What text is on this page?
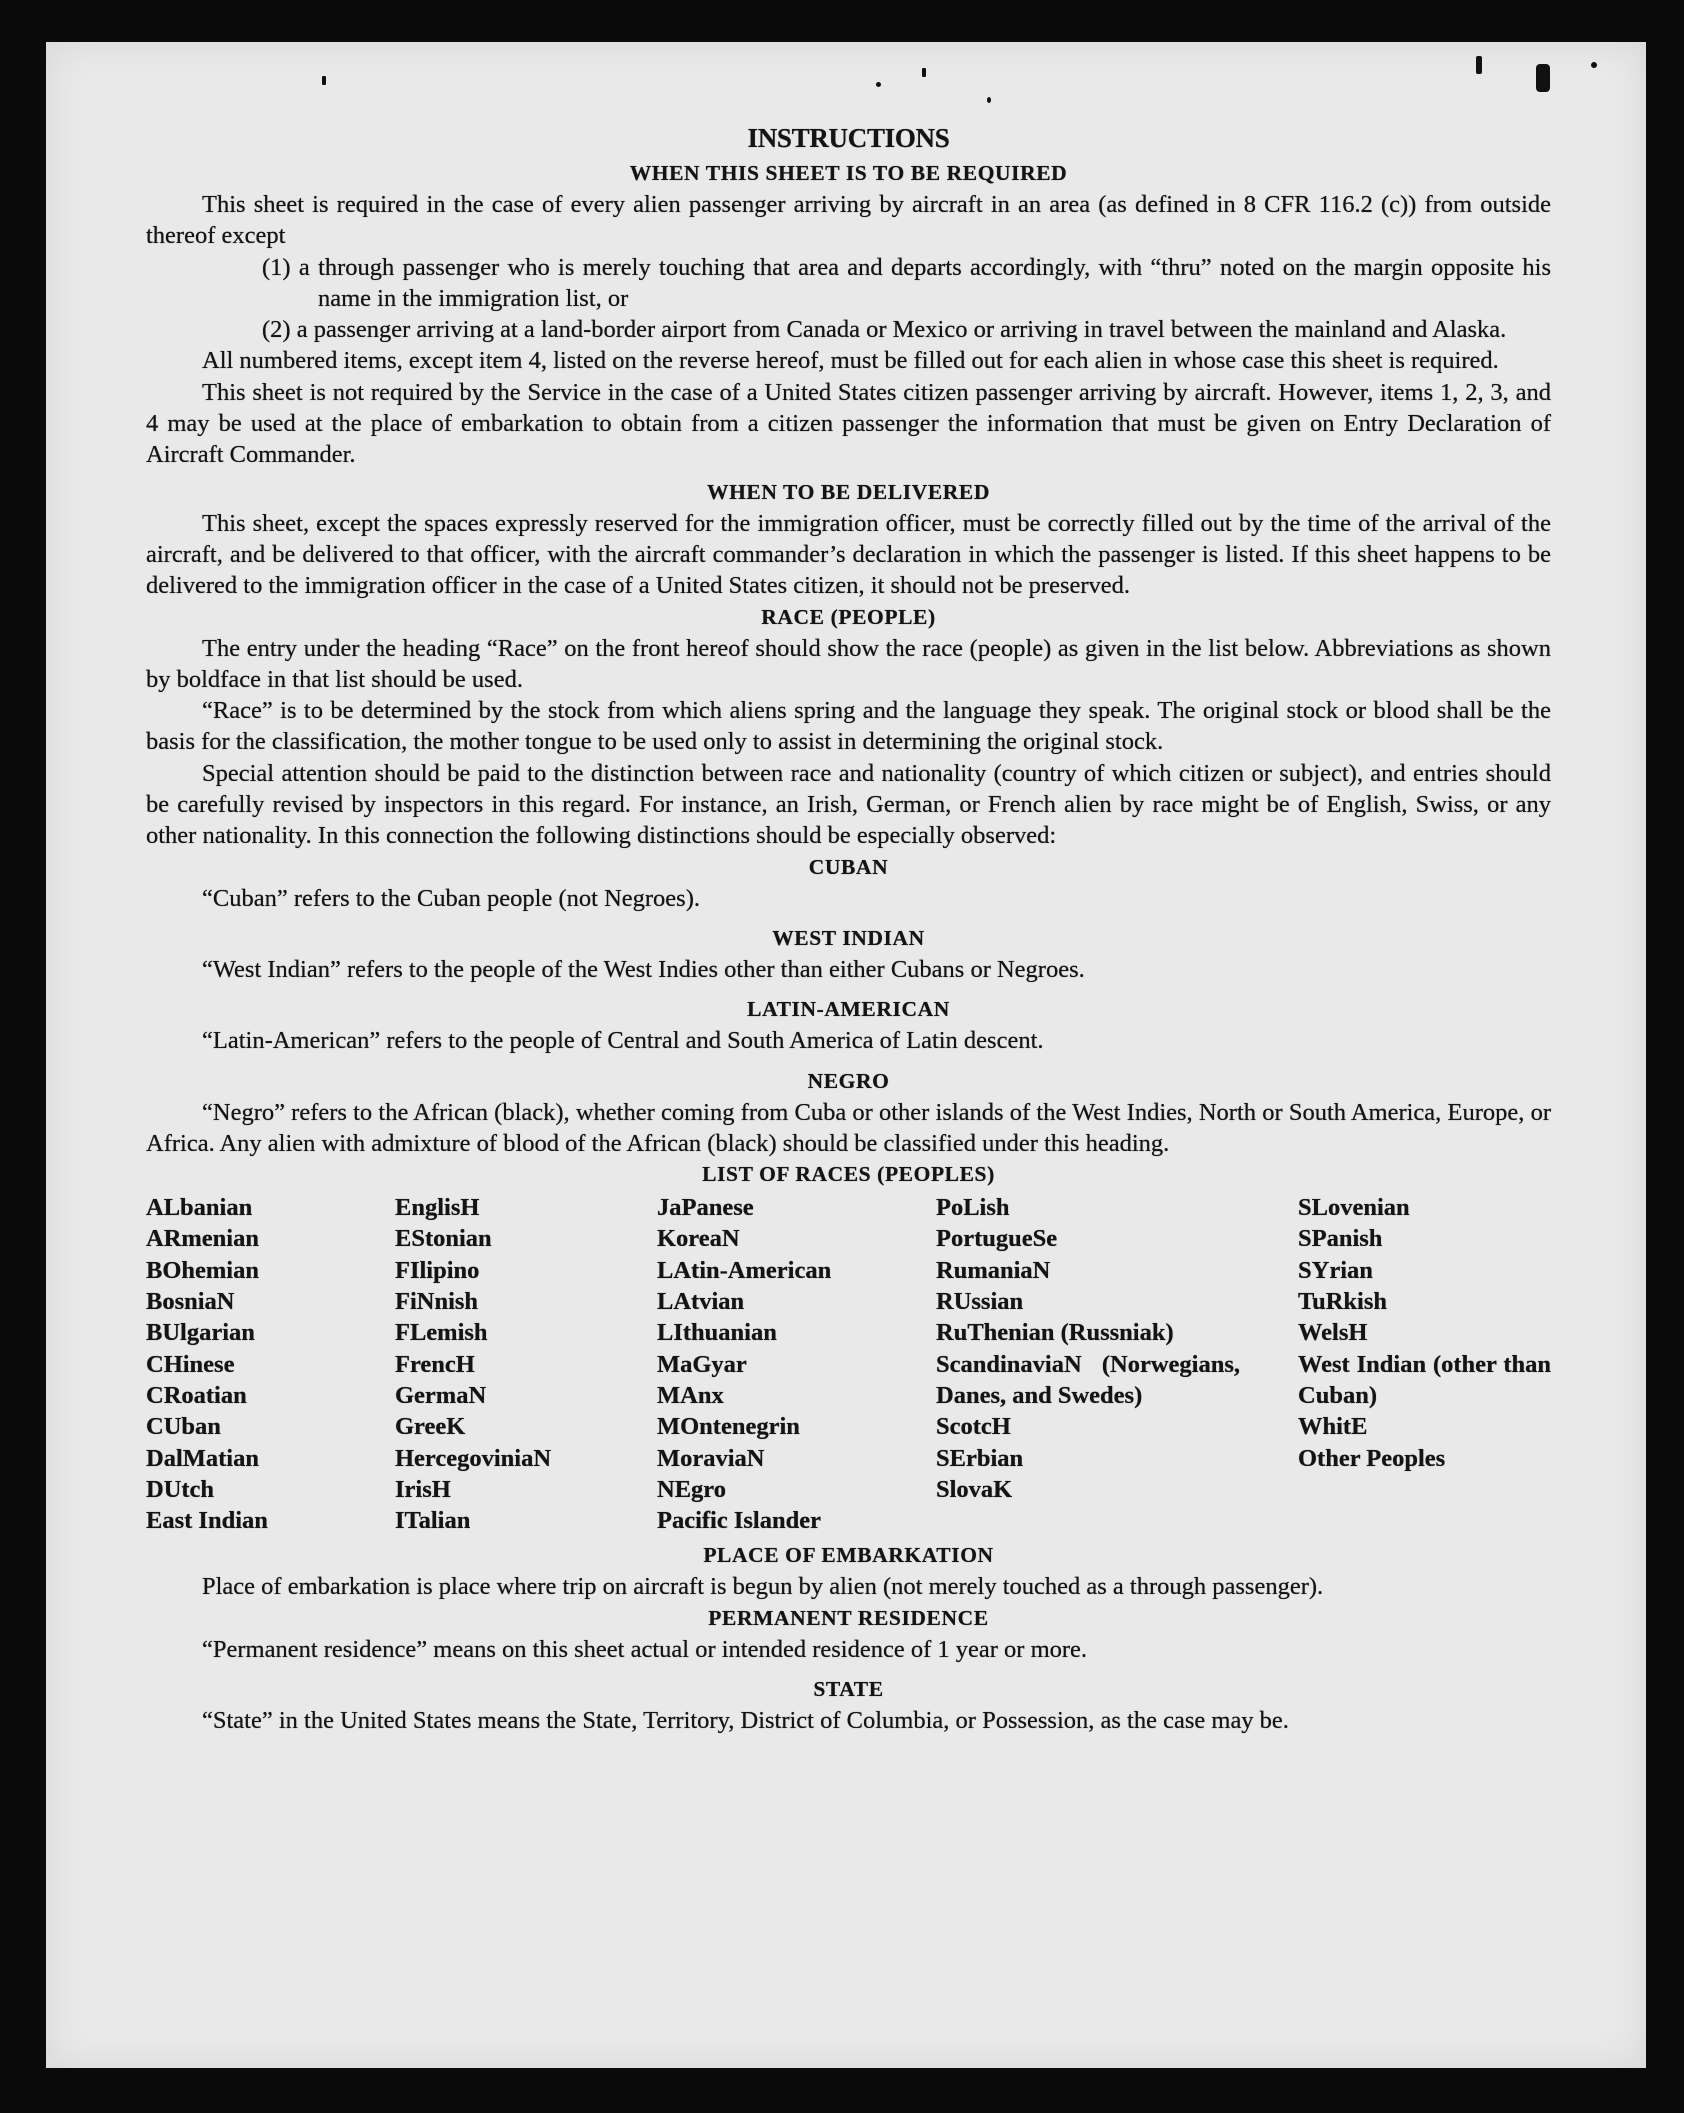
INSTRUCTIONS

WHEN THIS SHEET IS TO BE REQUIRED

This sheet is required in the case of every alien passenger arriving by aircraft in an area (as defined in 8 CFR 116.2 (c)) from outside thereof except

(1) a through passenger who is merely touching that area and departs accordingly, with “thru” noted on the margin opposite his name in the immigration list, or

(2) a passenger arriving at a land-border airport from Canada or Mexico or arriving in travel between the mainland and Alaska.

All numbered items, except item 4, listed on the reverse hereof, must be filled out for each alien in whose case this sheet is required.

This sheet is not required by the Service in the case of a United States citizen passenger arriving by aircraft. However, items 1, 2, 3, and 4 may be used at the place of embarkation to obtain from a citizen passenger the information that must be given on Entry Declaration of Aircraft Commander.

WHEN TO BE DELIVERED

This sheet, except the spaces expressly reserved for the immigration officer, must be correctly filled out by the time of the arrival of the aircraft, and be delivered to that officer, with the aircraft commander’s declaration in which the passenger is listed. If this sheet happens to be delivered to the immigration officer in the case of a United States citizen, it should not be preserved.

RACE (PEOPLE)

The entry under the heading “Race” on the front hereof should show the race (people) as given in the list below. Abbreviations as shown by boldface in that list should be used.

“Race” is to be determined by the stock from which aliens spring and the language they speak. The original stock or blood shall be the basis for the classification, the mother tongue to be used only to assist in determining the original stock.

Special attention should be paid to the distinction between race and nationality (country of which citizen or subject), and entries should be carefully revised by inspectors in this regard. For instance, an Irish, German, or French alien by race might be of English, Swiss, or any other nationality. In this connection the following distinctions should be especially observed:

CUBAN

“Cuban” refers to the Cuban people (not Negroes).

WEST INDIAN

“West Indian” refers to the people of the West Indies other than either Cubans or Negroes.

LATIN-AMERICAN

“Latin-American” refers to the people of Central and South America of Latin descent.

NEGRO

“Negro” refers to the African (black), whether coming from Cuba or other islands of the West Indies, North or South America, Europe, or Africa. Any alien with admixture of blood of the African (black) should be classified under this heading.

LIST OF RACES (PEOPLES)

ALbanian
ARmenian
BOhemian
BosniaN
BUlgarian
CHinese
CRoatian
CUban
DalMatian
DUtch
East Indian
EnglisH
EStonian
FIlipino
FiNnish
FLemish
FrencH
GermaN
GreeK
HercegoviniaN
IrisH
ITalian
JaPanese
KoreaN
LAtin-American
LAtvian
LIthuanian
MaGyar
MAnx
MOntenegrin
MoraviaN
NEgro
Pacific Islander
PoLish
PortugueSe
RumaniaN
RUssian
RuThenian (Russniak)
ScandinaviaN (Norwegians, Danes, and Swedes)
ScotcH
SErbian
SlovaK
SLovenian
SPanish
SYrian
TuRkish
WelsH
West Indian (other than Cuban)
WhitE
Other Peoples

PLACE OF EMBARKATION

Place of embarkation is place where trip on aircraft is begun by alien (not merely touched as a through passenger).

PERMANENT RESIDENCE

“Permanent residence” means on this sheet actual or intended residence of 1 year or more.

STATE

“State” in the United States means the State, Territory, District of Columbia, or Possession, as the case may be.
